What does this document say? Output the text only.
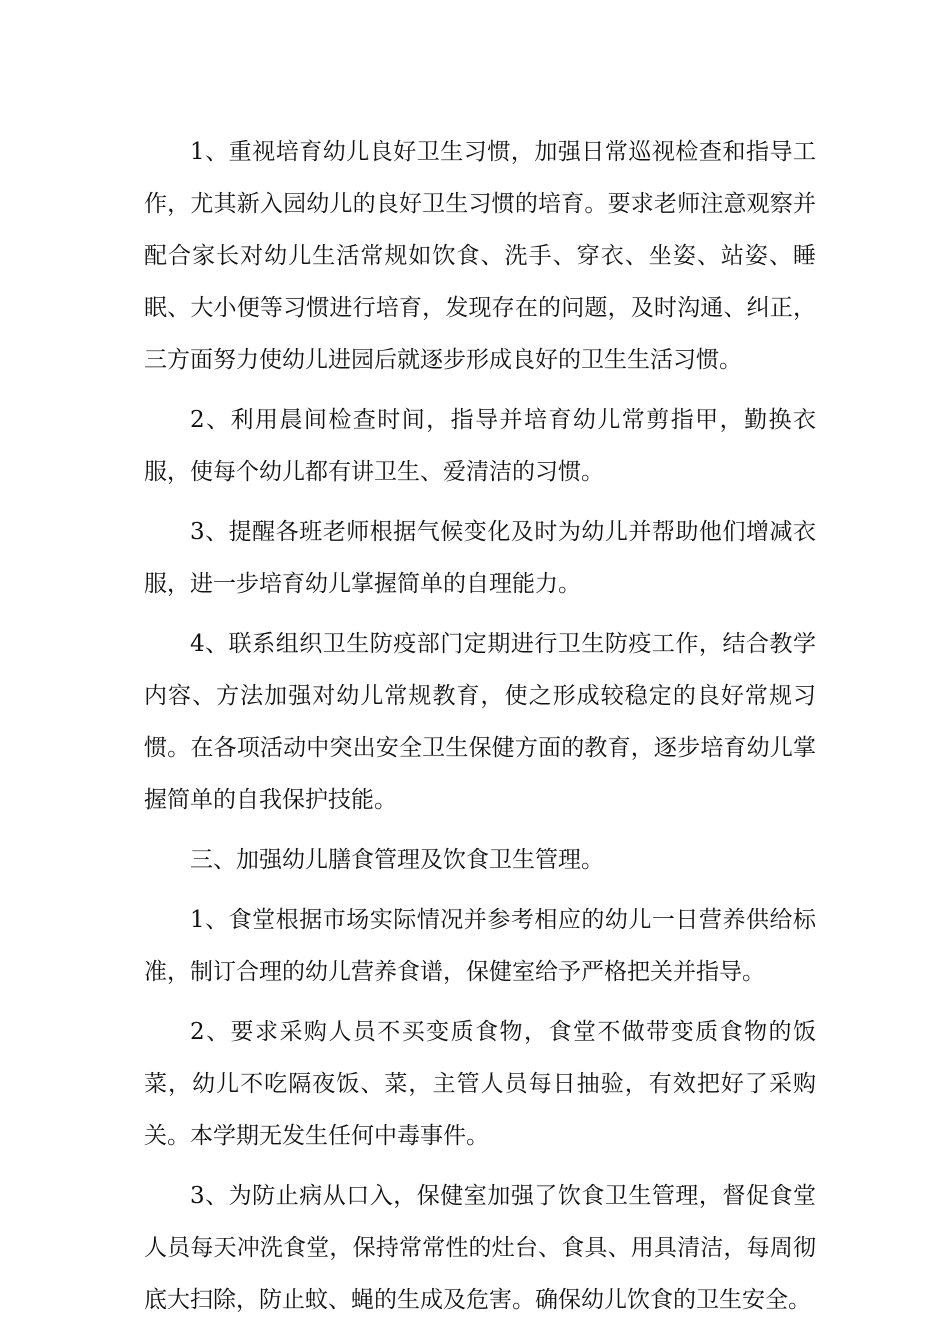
1、重视培育幼儿良好卫生习惯，加强日常巡视检查和指导工作，尤其新入园幼儿的良好卫生习惯的培育。要求老师注意观察并配合家长对幼儿生活常规如饮食、洗手、穿衣、坐姿、站姿、睡眠、大小便等习惯进行培育，发现存在的问题，及时沟通、纠正，三方面努力使幼儿进园后就逐步形成良好的卫生生活习惯。

2、利用晨间检查时间，指导并培育幼儿常剪指甲，勤换衣服，使每个幼儿都有讲卫生、爱清洁的习惯。

3、提醒各班老师根据气候变化及时为幼儿并帮助他们增减衣服，进一步培育幼儿掌握简单的自理能力。

4、联系组织卫生防疫部门定期进行卫生防疫工作，结合教学内容、方法加强对幼儿常规教育，使之形成较稳定的良好常规习惯。在各项活动中突出安全卫生保健方面的教育，逐步培育幼儿掌握简单的自我保护技能。

三、加强幼儿膳食管理及饮食卫生管理。

1、食堂根据市场实际情况并参考相应的幼儿一日营养供给标准，制订合理的幼儿营养食谱，保健室给予严格把关并指导。

2、要求采购人员不买变质食物，食堂不做带变质食物的饭菜，幼儿不吃隔夜饭、菜，主管人员每日抽验，有效把好了采购关。本学期无发生任何中毒事件。

3、为防止病从口入，保健室加强了饮食卫生管理，督促食堂人员每天冲洗食堂，保持常常性的灶台、食具、用具清洁，每周彻底大扫除，防止蚊、蝇的生成及危害。确保幼儿饮食的卫生安全。
